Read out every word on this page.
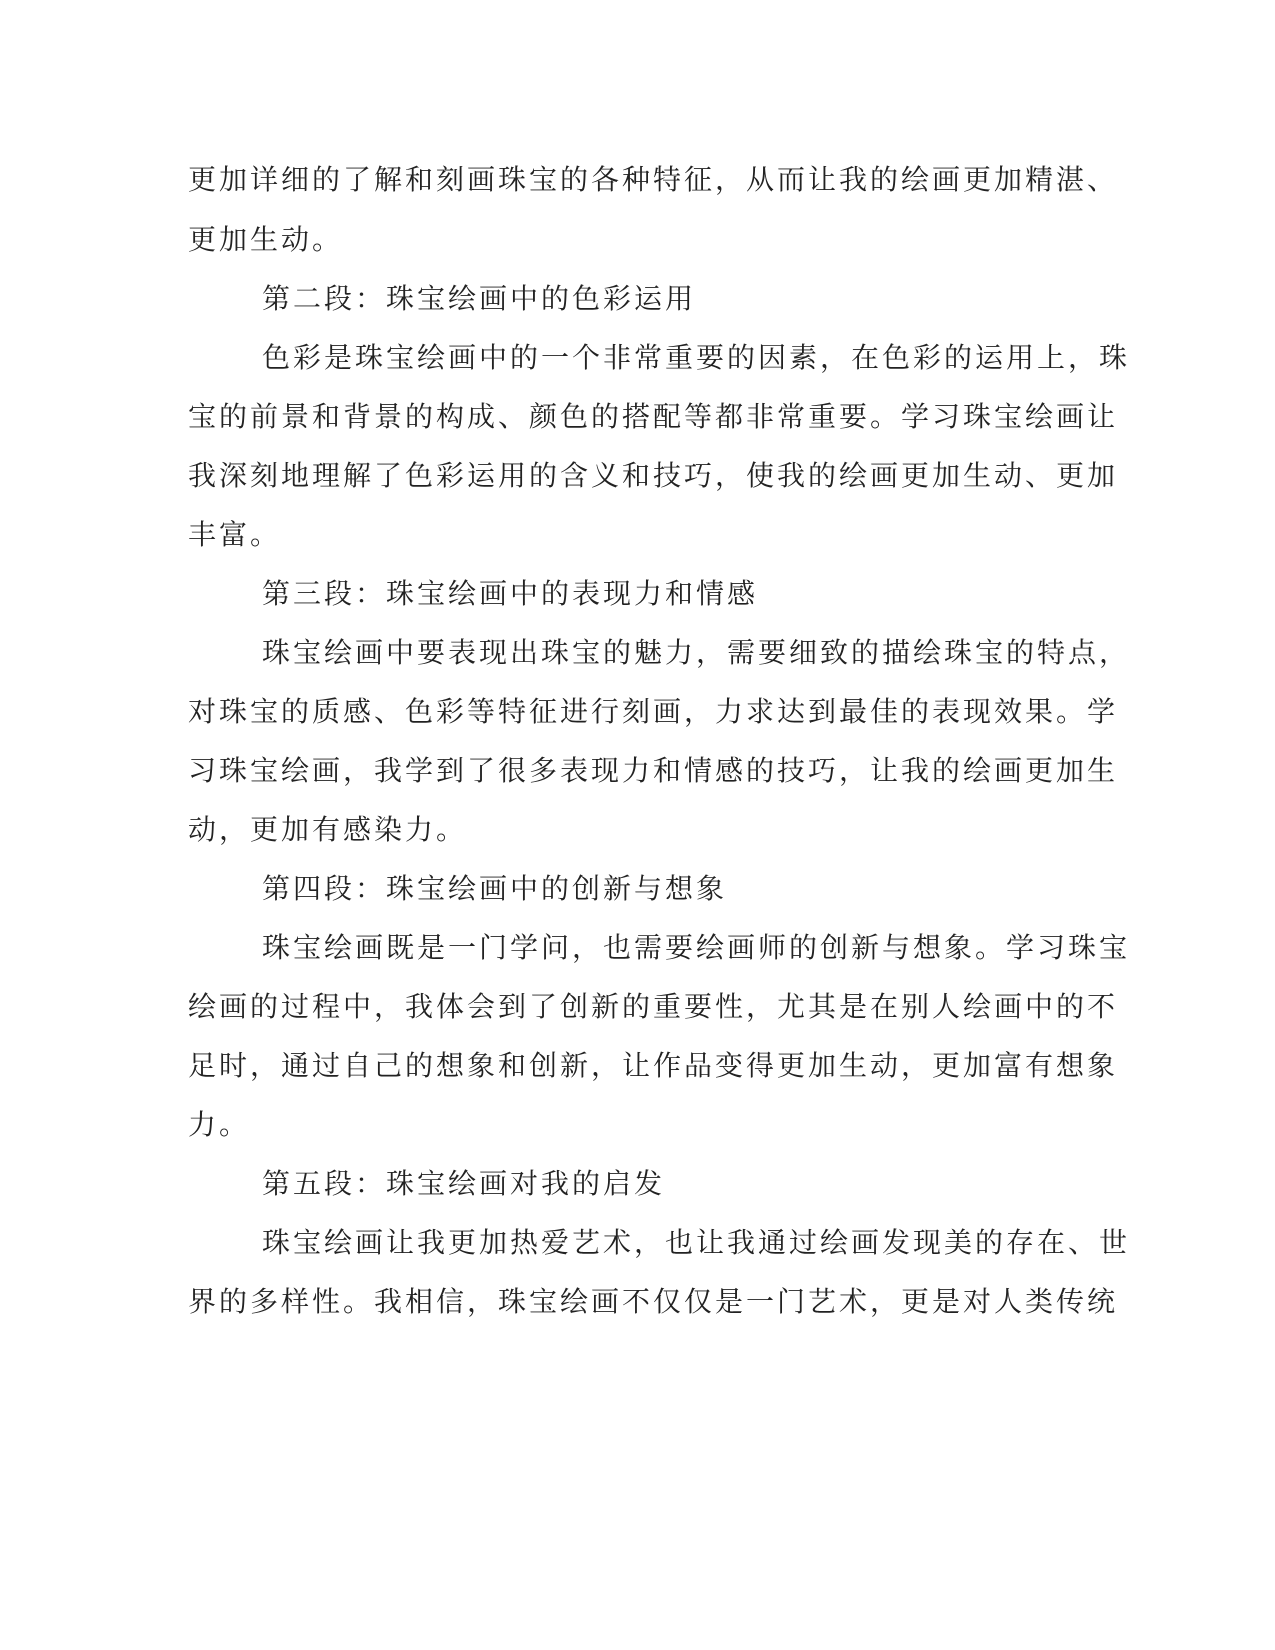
更加详细的了解和刻画珠宝的各种特征，从而让我的绘画更加精湛、
更加生动。
第二段：珠宝绘画中的色彩运用
色彩是珠宝绘画中的一个非常重要的因素，在色彩的运用上，珠
宝的前景和背景的构成、颜色的搭配等都非常重要。学习珠宝绘画让
我深刻地理解了色彩运用的含义和技巧，使我的绘画更加生动、更加
丰富。
第三段：珠宝绘画中的表现力和情感
珠宝绘画中要表现出珠宝的魅力，需要细致的描绘珠宝的特点，
对珠宝的质感、色彩等特征进行刻画，力求达到最佳的表现效果。学
习珠宝绘画，我学到了很多表现力和情感的技巧，让我的绘画更加生
动，更加有感染力。
第四段：珠宝绘画中的创新与想象
珠宝绘画既是一门学问，也需要绘画师的创新与想象。学习珠宝
绘画的过程中，我体会到了创新的重要性，尤其是在别人绘画中的不
足时，通过自己的想象和创新，让作品变得更加生动，更加富有想象
力。
第五段：珠宝绘画对我的启发
珠宝绘画让我更加热爱艺术，也让我通过绘画发现美的存在、世
界的多样性。我相信，珠宝绘画不仅仅是一门艺术，更是对人类传统
